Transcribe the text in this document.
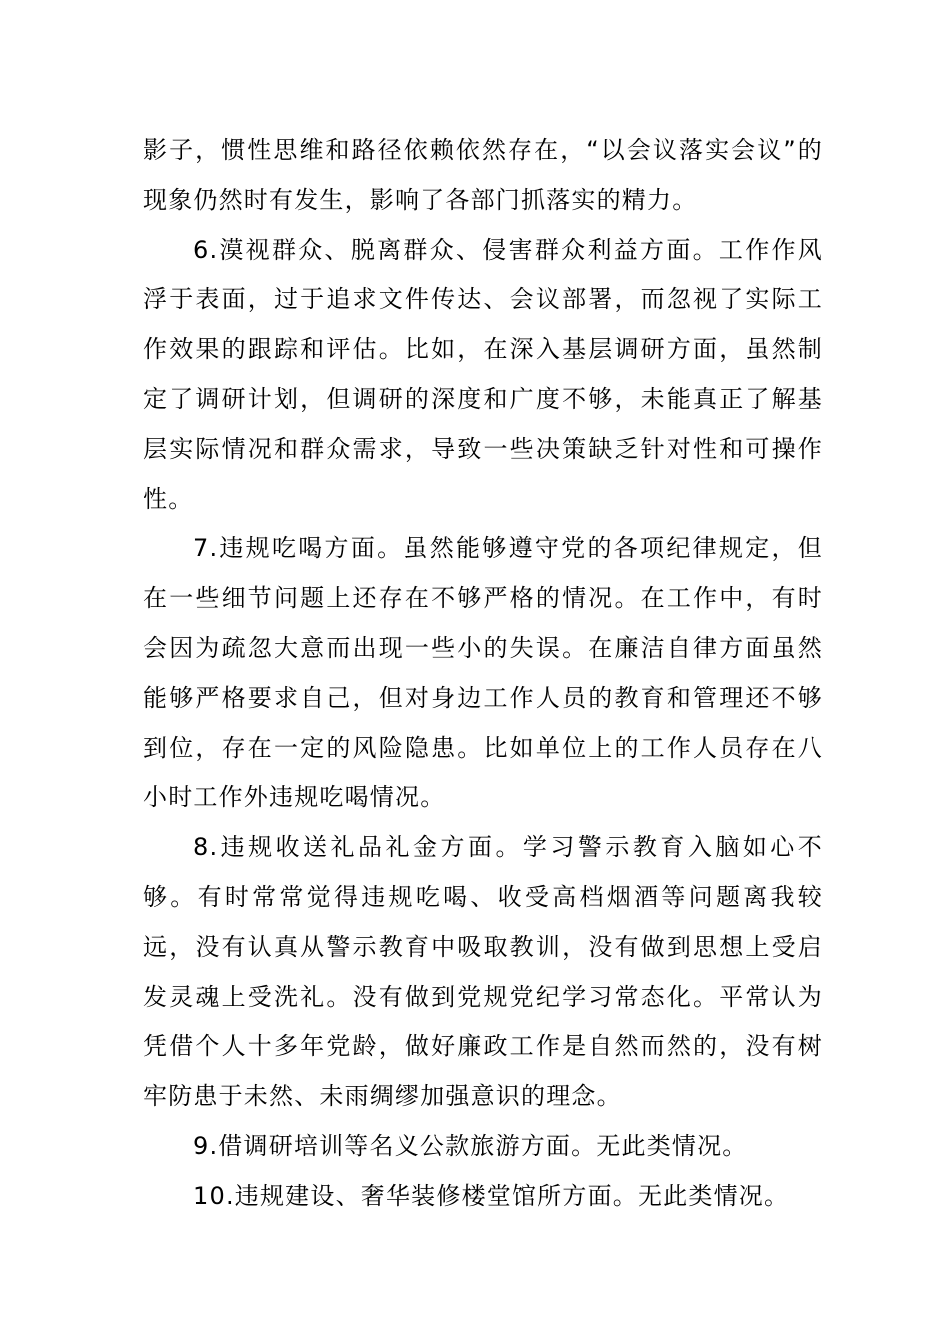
影子，惯性思维和路径依赖依然存在，“以会议落实会议”的现象仍然时有发生，影响了各部门抓落实的精力。

6.漠视群众、脱离群众、侵害群众利益方面。工作作风浮于表面，过于追求文件传达、会议部署，而忽视了实际工作效果的跟踪和评估。比如，在深入基层调研方面，虽然制定了调研计划，但调研的深度和广度不够，未能真正了解基层实际情况和群众需求，导致一些决策缺乏针对性和可操作性。

7.违规吃喝方面。虽然能够遵守党的各项纪律规定，但在一些细节问题上还存在不够严格的情况。在工作中，有时会因为疏忽大意而出现一些小的失误。在廉洁自律方面虽然能够严格要求自己，但对身边工作人员的教育和管理还不够到位，存在一定的风险隐患。比如单位上的工作人员存在八小时工作外违规吃喝情况。

8.违规收送礼品礼金方面。学习警示教育入脑如心不够。有时常常觉得违规吃喝、收受高档烟酒等问题离我较远，没有认真从警示教育中吸取教训，没有做到思想上受启发灵魂上受洗礼。没有做到党规党纪学习常态化。平常认为凭借个人十多年党龄，做好廉政工作是自然而然的，没有树牢防患于未然、未雨绸缪加强意识的理念。

9.借调研培训等名义公款旅游方面。无此类情况。

10.违规建设、奢华装修楼堂馆所方面。无此类情况。
